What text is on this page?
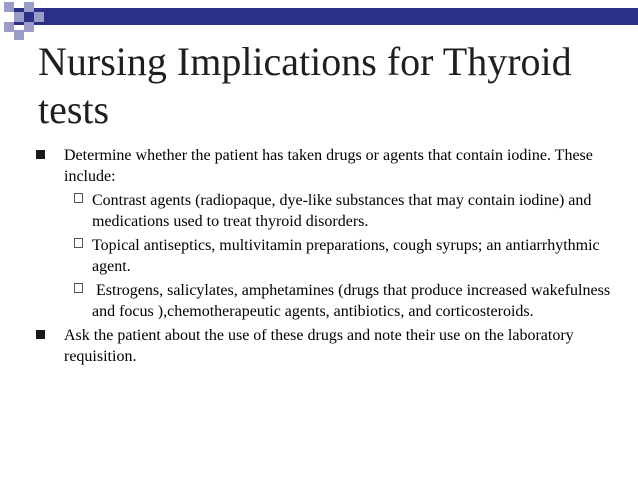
Nursing Implications for Thyroid tests
Determine whether the patient has taken drugs or agents that contain iodine. These include:
Contrast agents (radiopaque, dye-like substances that may contain iodine) and medications used to treat thyroid disorders.
Topical antiseptics, multivitamin preparations, cough syrups; an antiarrhythmic agent.
Estrogens, salicylates, amphetamines (drugs that produce increased wakefulness and focus ),chemotherapeutic agents, antibiotics, and corticosteroids.
Ask the patient about the use of these drugs and note their use on the laboratory requisition.
